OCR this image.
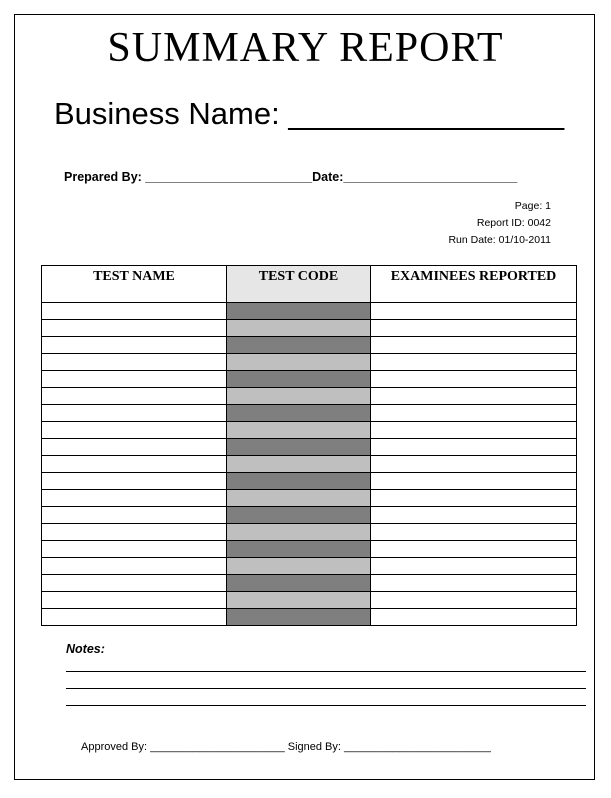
SUMMARY REPORT
Business Name: ________________
Prepared By: ________________________Date:_________________________
Page: 1
Report ID: 0042
Run Date: 01/10-2011
TEST NAME	TEST CODE	EXAMINEES REPORTED

Notes:
Approved By: ______________________ Signed By: ________________________
